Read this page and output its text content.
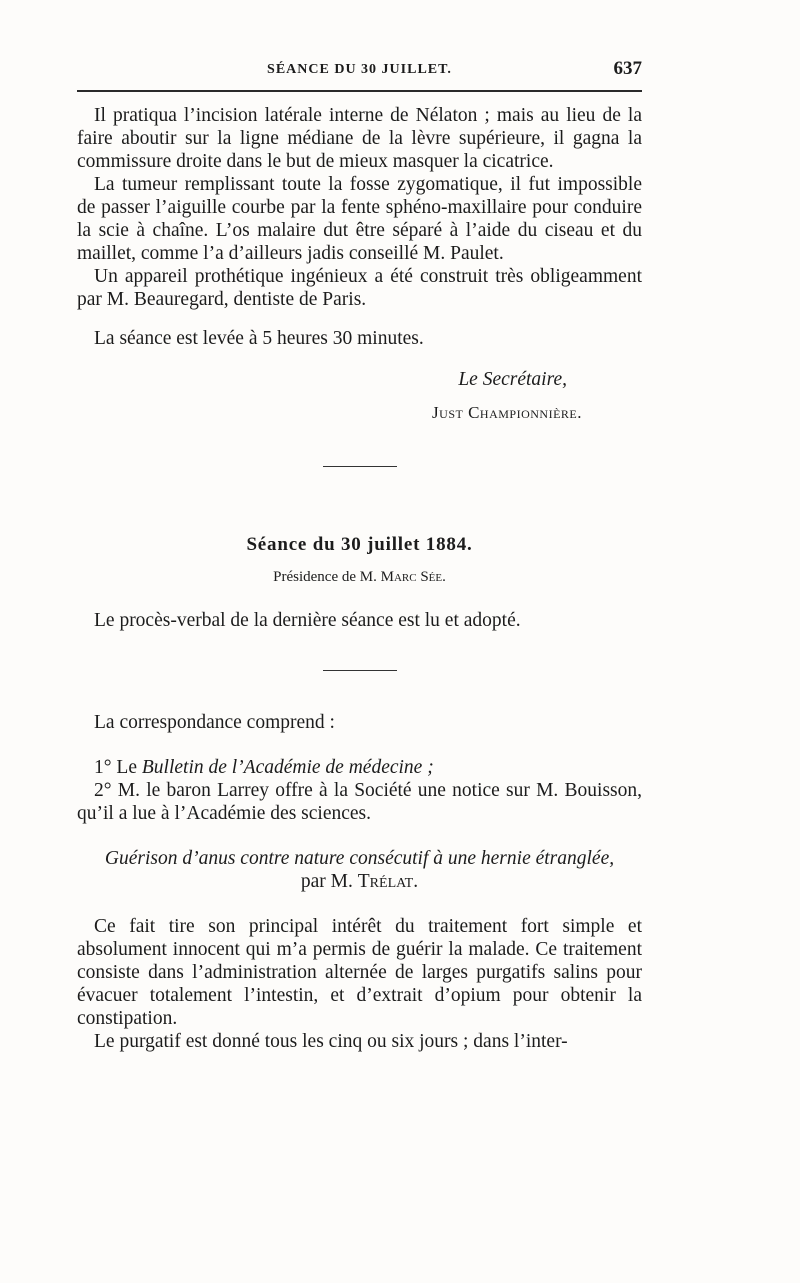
SÉANCE DU 30 JUILLET.	637

Il pratiqua l’incision latérale interne de Nélaton ; mais au lieu de la faire aboutir sur la ligne médiane de la lèvre supérieure, il gagna la commissure droite dans le but de mieux masquer la cicatrice.

La tumeur remplissant toute la fosse zygomatique, il fut impossible de passer l’aiguille courbe par la fente sphéno-maxillaire pour conduire la scie à chaîne. L’os malaire dut être séparé à l’aide du ciseau et du maillet, comme l’a d’ailleurs jadis conseillé M. Paulet.

Un appareil prothétique ingénieux a été construit très obligeamment par M. Beauregard, dentiste de Paris.

La séance est levée à 5 heures 30 minutes.

Le Secrétaire,
Just Championnière.
Séance du 30 juillet 1884.
Présidence de M. Marc Sée.

Le procès-verbal de la dernière séance est lu et adopté.

La correspondance comprend :

1° Le Bulletin de l’Académie de médecine ;

2° M. le baron Larrey offre à la Société une notice sur M. Bouisson, qu’il a lue à l’Académie des sciences.

Guérison d’anus contre nature consécutif à une hernie étranglée,

par M. Trélat.

Ce fait tire son principal intérêt du traitement fort simple et absolument innocent qui m’a permis de guérir la malade. Ce traitement consiste dans l’administration alternée de larges purgatifs salins pour évacuer totalement l’intestin, et d’extrait d’opium pour obtenir la constipation.

Le purgatif est donné tous les cinq ou six jours ; dans l’inter-
